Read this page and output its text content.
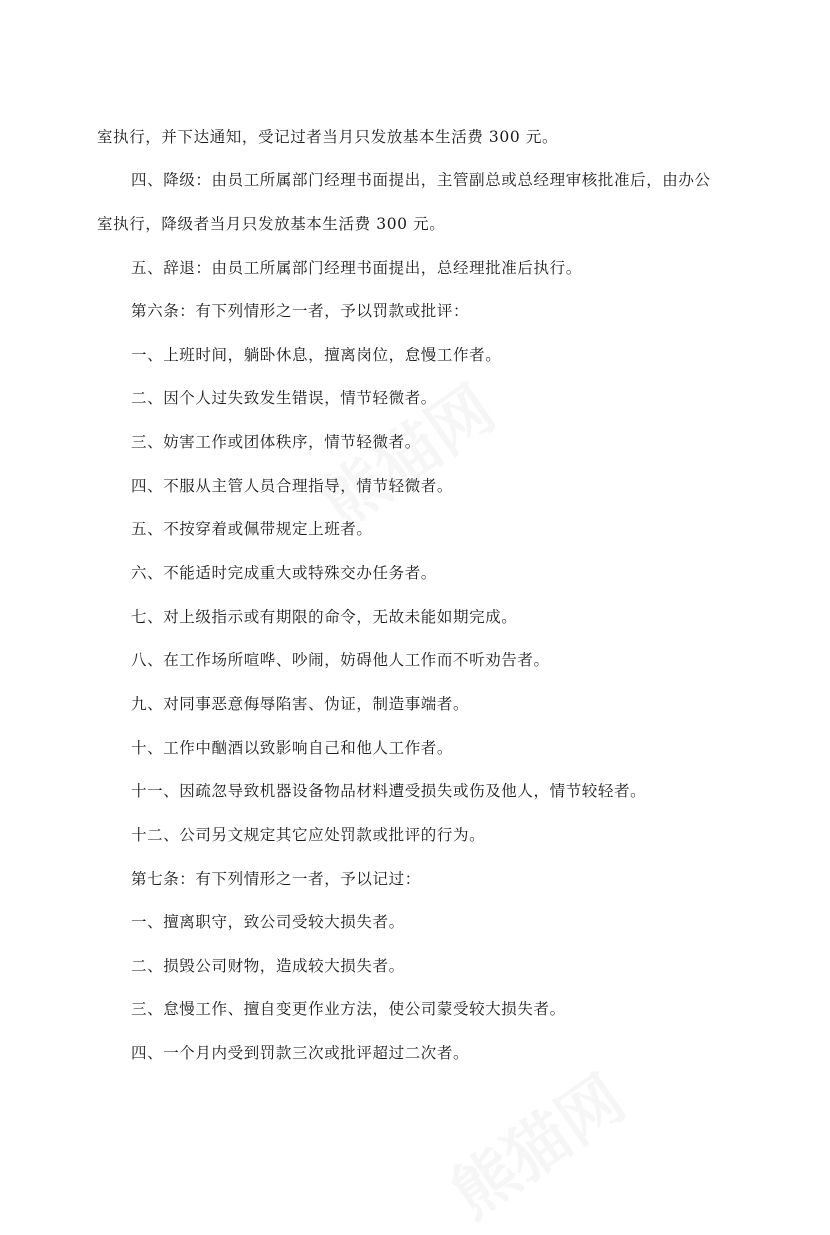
室执行，并下达通知，受记过者当月只发放基本生活费 300 元。
四、降级：由员工所属部门经理书面提出，主管副总或总经理审核批准后，由办公
室执行，降级者当月只发放基本生活费 300 元。
五、辞退：由员工所属部门经理书面提出，总经理批准后执行。
第六条：有下列情形之一者，予以罚款或批评：
一、上班时间，躺卧休息，擅离岗位，怠慢工作者。
二、因个人过失致发生错误，情节轻微者。
三、妨害工作或团体秩序，情节轻微者。
四、不服从主管人员合理指导，情节轻微者。
五、不按穿着或佩带规定上班者。
六、不能适时完成重大或特殊交办任务者。
七、对上级指示或有期限的命令，无故未能如期完成。
八、在工作场所喧哗、吵闹，妨碍他人工作而不听劝告者。
九、对同事恶意侮辱陷害、伪证，制造事端者。
十、工作中酗酒以致影响自己和他人工作者。
十一、因疏忽导致机器设备物品材料遭受损失或伤及他人，情节较轻者。
十二、公司另文规定其它应处罚款或批评的行为。
第七条：有下列情形之一者，予以记过：
一、擅离职守，致公司受较大损失者。
二、损毁公司财物，造成较大损失者。
三、怠慢工作、擅自变更作业方法，使公司蒙受较大损失者。
四、一个月内受到罚款三次或批评超过二次者。
